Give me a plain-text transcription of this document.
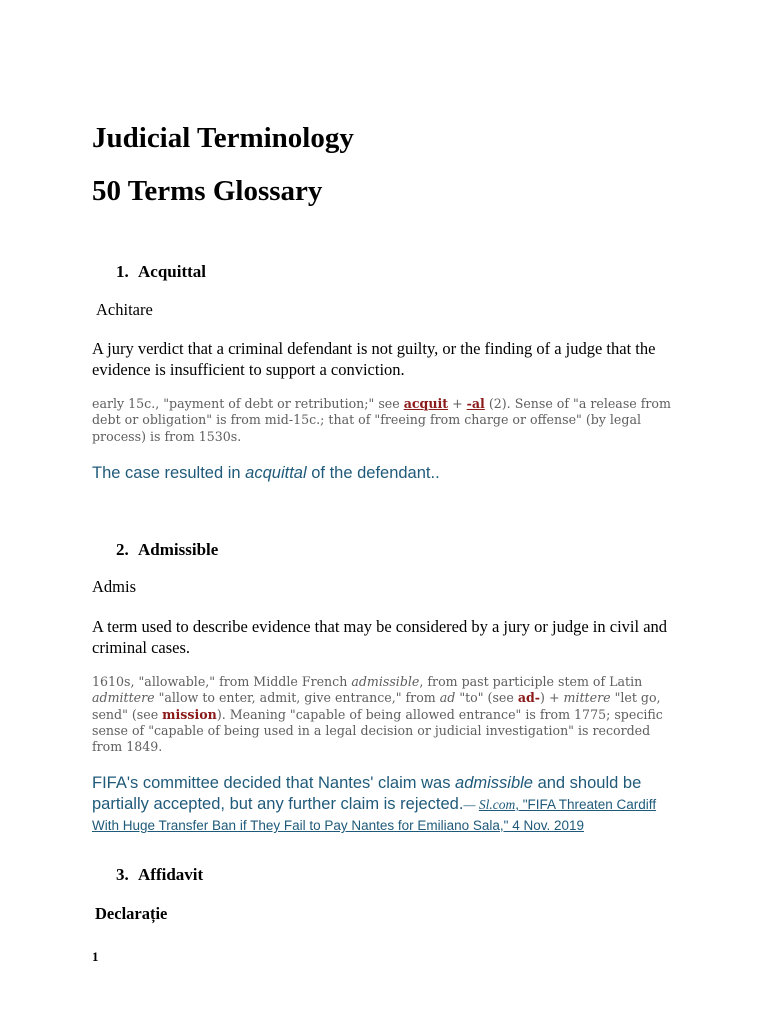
Judicial Terminology
50 Terms Glossary
1. Acquittal
Achitare
A jury verdict that a criminal defendant is not guilty, or the finding of a judge that the evidence is insufficient to support a conviction.
early 15c., "payment of debt or retribution;" see acquit + -al (2). Sense of "a release from debt or obligation" is from mid-15c.; that of "freeing from charge or offense" (by legal process) is from 1530s.
The case resulted in acquittal of the defendant..
2. Admissible
Admis
A term used to describe evidence that may be considered by a jury or judge in civil and criminal cases.
1610s, "allowable," from Middle French admissible, from past participle stem of Latin admittere "allow to enter, admit, give entrance," from ad "to" (see ad-) + mittere "let go, send" (see mission). Meaning "capable of being allowed entrance" is from 1775; specific sense of "capable of being used in a legal decision or judicial investigation" is recorded from 1849.
FIFA's committee decided that Nantes' claim was admissible and should be partially accepted, but any further claim is rejected.— Sl.com, "FIFA Threaten Cardiff With Huge Transfer Ban if They Fail to Pay Nantes for Emiliano Sala," 4 Nov. 2019
3. Affidavit
Declarație
1
